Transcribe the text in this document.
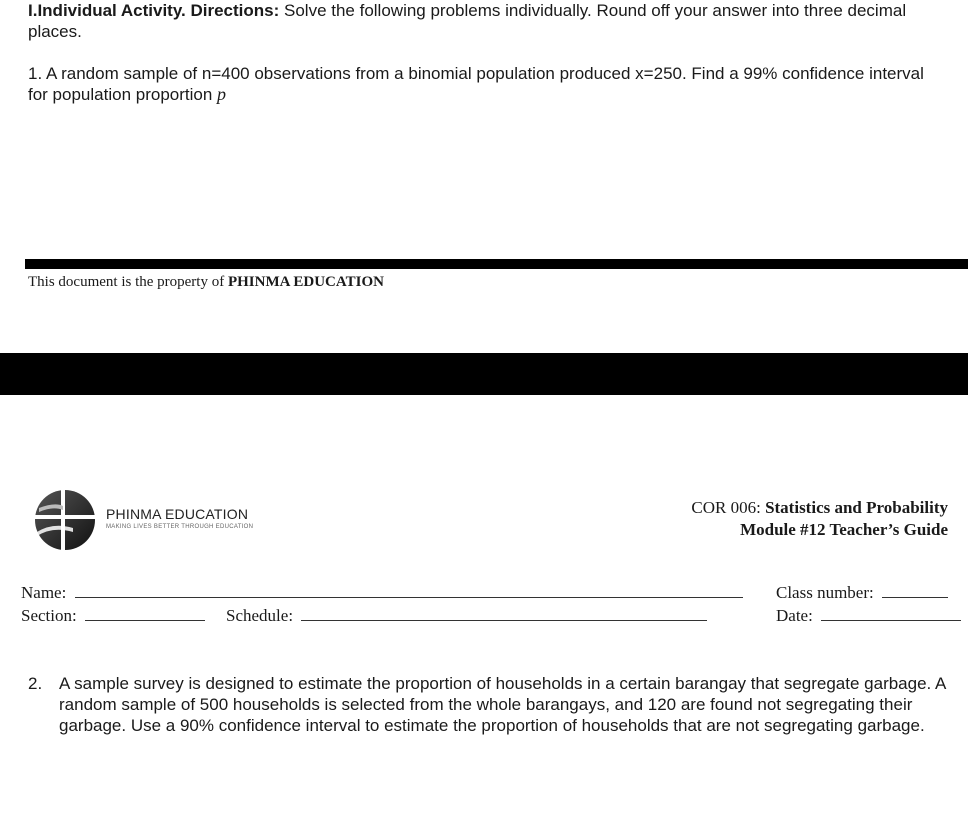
I.Individual Activity. Directions: Solve the following problems individually. Round off your answer into three decimal places.
1. A random sample of n=400 observations from a binomial population produced x=250. Find a 99% confidence interval for population proportion p
This document is the property of PHINMA EDUCATION
PHINMA EDUCATION
MAKING LIVES BETTER THROUGH EDUCATION
COR 006: Statistics and Probability
Module #12 Teacher’s Guide
Name:
Section:	Schedule:
Class number:
Date:
2. A sample survey is designed to estimate the proportion of households in a certain barangay that segregate garbage. A random sample of 500 households is selected from the whole barangays, and 120 are found not segregating their garbage. Use a 90% confidence interval to estimate the proportion of households that are not segregating garbage.
